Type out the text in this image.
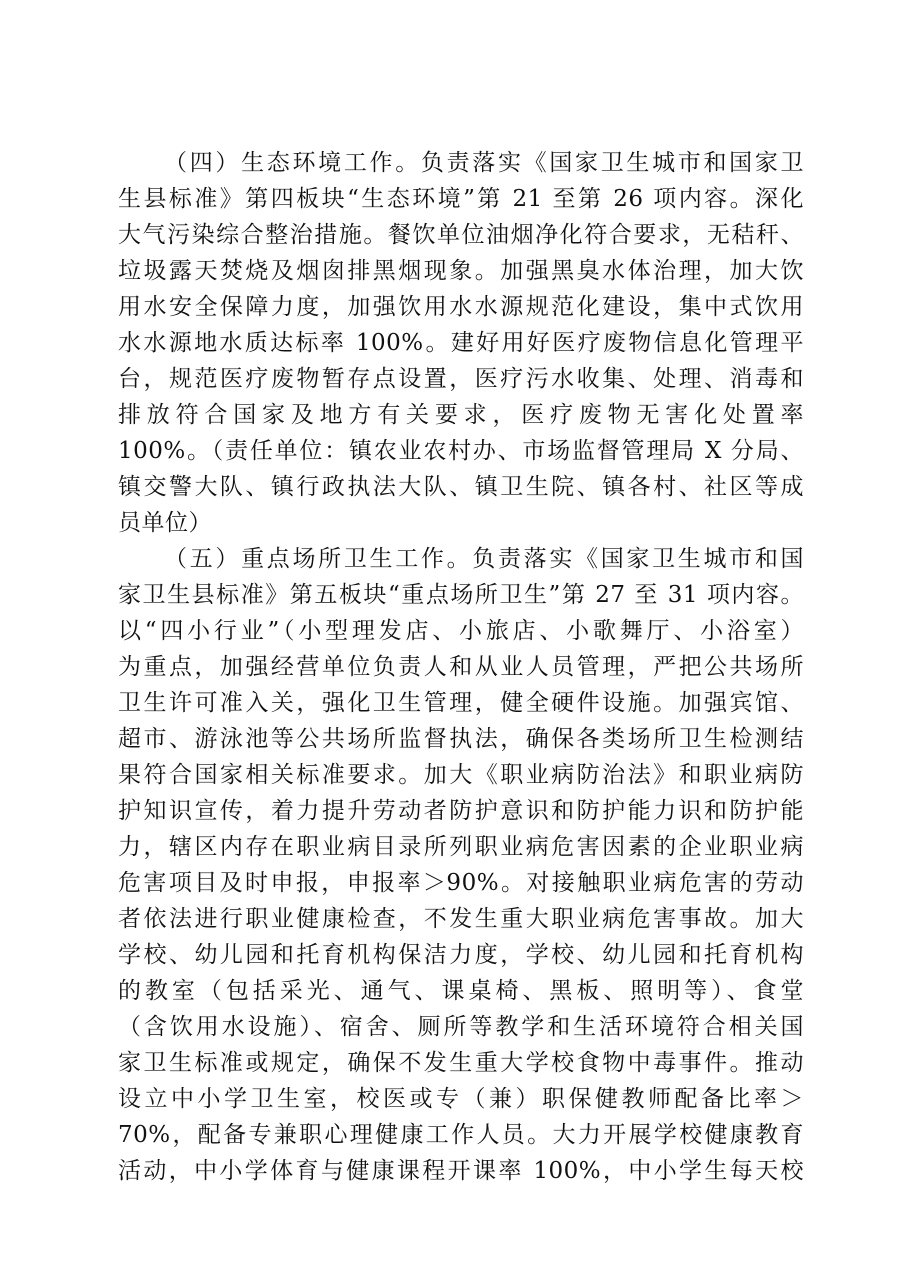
（四）生态环境工作。负责落实《国家卫生城市和国家卫
生县标准》第四板块“生态环境”第 21 至第 26 项内容。深化
大气污染综合整治措施。餐饮单位油烟净化符合要求，无秸秆、
垃圾露天焚烧及烟囱排黑烟现象。加强黑臭水体治理，加大饮
用水安全保障力度，加强饮用水水源规范化建设，集中式饮用
水水源地水质达标率 100%。建好用好医疗废物信息化管理平
台，规范医疗废物暂存点设置，医疗污水收集、处理、消毒和
排放符合国家及地方有关要求，医疗废物无害化处置率
100%。（责任单位：镇农业农村办、市场监督管理局 X 分局、
镇交警大队、镇行政执法大队、镇卫生院、镇各村、社区等成
员单位）
（五）重点场所卫生工作。负责落实《国家卫生城市和国
家卫生县标准》第五板块“重点场所卫生”第 27 至 31 项内容。
以“四小行业”（小型理发店、小旅店、小歌舞厅、小浴室）
为重点，加强经营单位负责人和从业人员管理，严把公共场所
卫生许可准入关，强化卫生管理，健全硬件设施。加强宾馆、
超市、游泳池等公共场所监督执法，确保各类场所卫生检测结
果符合国家相关标准要求。加大《职业病防治法》和职业病防
护知识宣传，着力提升劳动者防护意识和防护能力识和防护能
力，辖区内存在职业病目录所列职业病危害因素的企业职业病
危害项目及时申报，申报率＞90%。对接触职业病危害的劳动
者依法进行职业健康检查，不发生重大职业病危害事故。加大
学校、幼儿园和托育机构保洁力度，学校、幼儿园和托育机构
的教室（包括采光、通气、课桌椅、黑板、照明等）、食堂
（含饮用水设施）、宿舍、厕所等教学和生活环境符合相关国
家卫生标准或规定，确保不发生重大学校食物中毒事件。推动
设立中小学卫生室，校医或专（兼）职保健教师配备比率＞
70%，配备专兼职心理健康工作人员。大力开展学校健康教育
活动，中小学体育与健康课程开课率 100%，中小学生每天校
